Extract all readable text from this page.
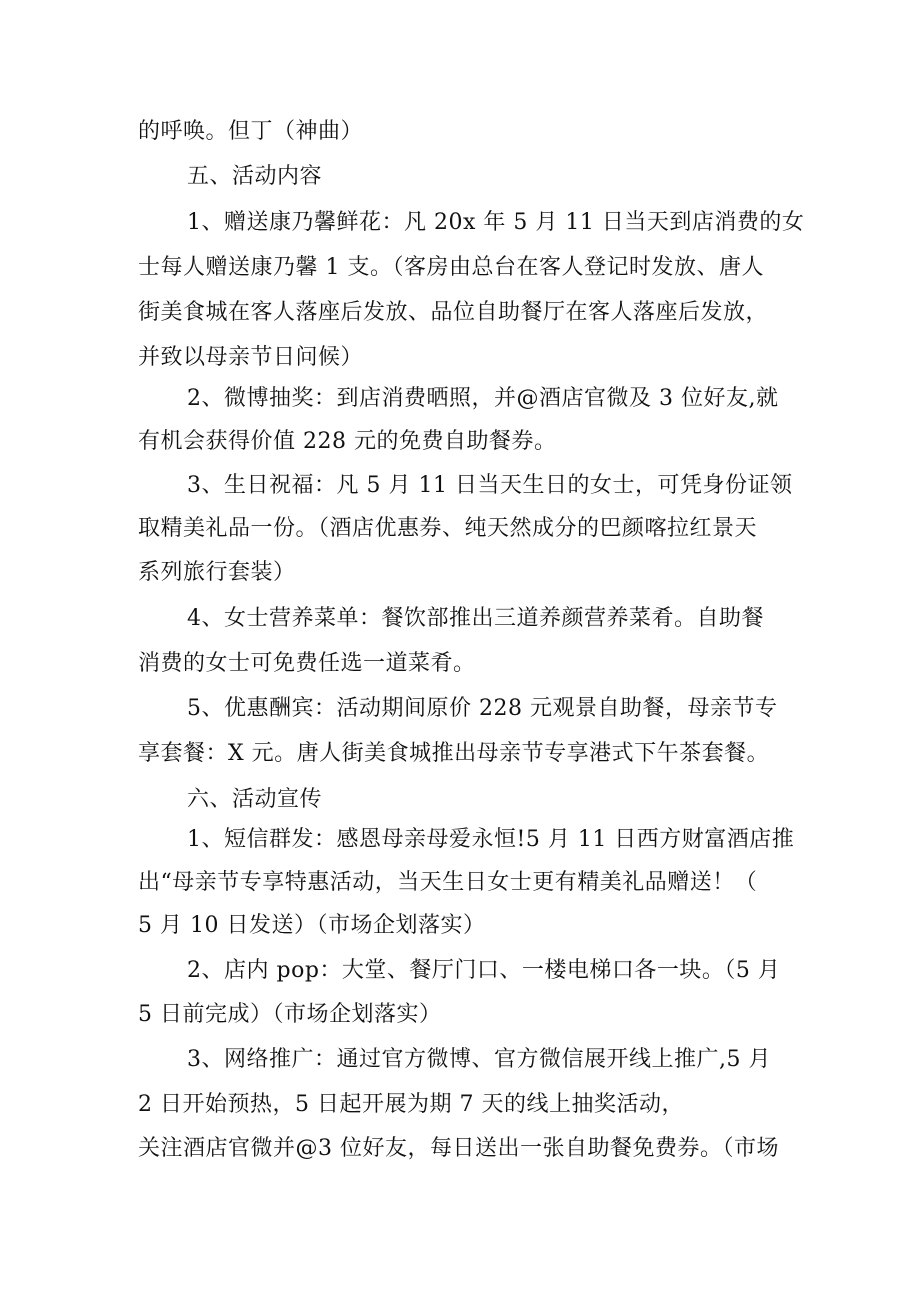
的呼唤。但丁（神曲）
五、活动内容
1、赠送康乃馨鲜花：凡 20x 年 5 月 11 日当天到店消费的女
士每人赠送康乃馨 1 支。（客房由总台在客人登记时发放、唐人
街美食城在客人落座后发放、品位自助餐厅在客人落座后发放，
并致以母亲节日问候）
2、微博抽奖：到店消费晒照，并@酒店官微及 3 位好友,就
有机会获得价值 228 元的免费自助餐券。
3、生日祝福：凡 5 月 11 日当天生日的女士，可凭身份证领
取精美礼品一份。（酒店优惠券、纯天然成分的巴颜喀拉红景天
系列旅行套装）
4、女士营养菜单：餐饮部推出三道养颜营养菜肴。自助餐
消费的女士可免费任选一道菜肴。
5、优惠酬宾：活动期间原价 228 元观景自助餐，母亲节专
享套餐：X 元。唐人街美食城推出母亲节专享港式下午茶套餐。
六、活动宣传
1、短信群发：感恩母亲母爱永恒!5 月 11 日西方财富酒店推
出“母亲节专享特惠活动，当天生日女士更有精美礼品赠送！（
5 月 10 日发送）（市场企划落实）
2、店内 pop：大堂、餐厅门口、一楼电梯口各一块。（5 月
5 日前完成）（市场企划落实）
3、网络推广：通过官方微博、官方微信展开线上推广,5 月
2 日开始预热，5 日起开展为期 7 天的线上抽奖活动，
关注酒店官微并@3 位好友，每日送出一张自助餐免费券。（市场
